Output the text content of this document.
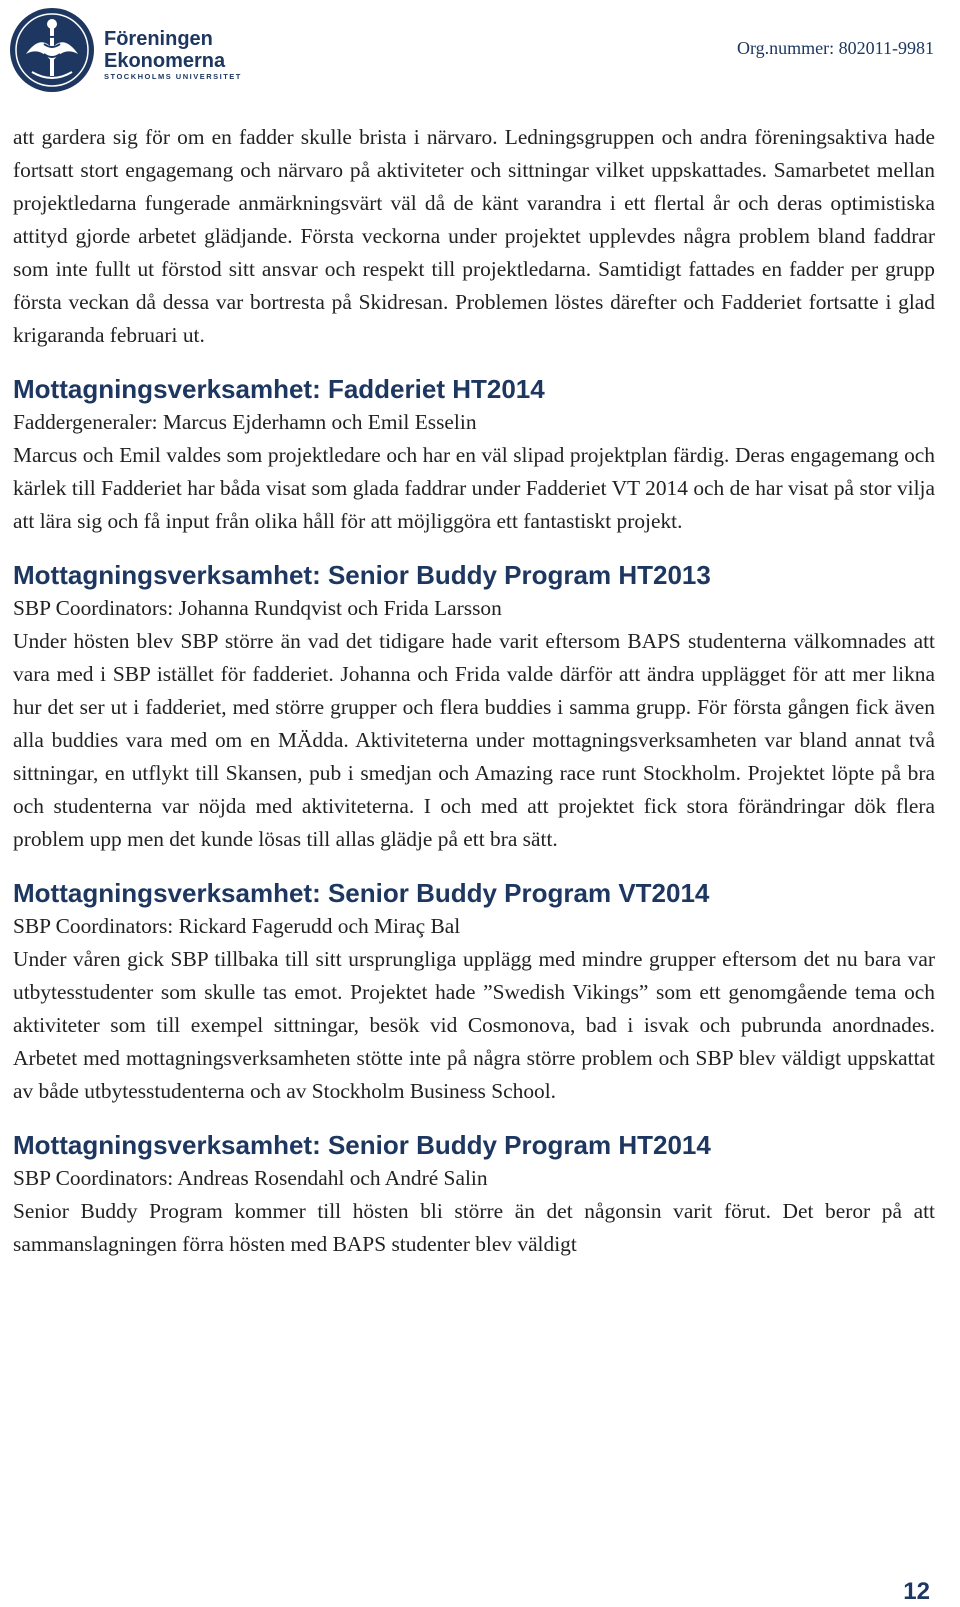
Föreningen
Ekonomerna
STOCKHOLMS UNIVERSITET
Org.nummer: 802011-9981

att gardera sig för om en fadder skulle brista i närvaro. Ledningsgruppen och andra föreningsaktiva hade fortsatt stort engagemang och närvaro på aktiviteter och sittningar vilket uppskattades. Samarbetet mellan projektledarna fungerade anmärkningsvärt väl då de känt varandra i ett flertal år och deras optimistiska attityd gjorde arbetet glädjande. Första veckorna under projektet upplevdes några problem bland faddrar som inte fullt ut förstod sitt ansvar och respekt till projektledarna. Samtidigt fattades en fadder per grupp första veckan då dessa var bortresta på Skidresan. Problemen löstes därefter och Fadderiet fortsatte i glad krigaranda februari ut.

Mottagningsverksamhet: Fadderiet HT2014

Faddergeneraler: Marcus Ejderhamn och Emil Esselin

Marcus och Emil valdes som projektledare och har en väl slipad projektplan färdig. Deras engagemang och kärlek till Fadderiet har båda visat som glada faddrar under Fadderiet VT 2014 och de har visat på stor vilja att lära sig och få input från olika håll för att möjliggöra ett fantastiskt projekt.

Mottagningsverksamhet: Senior Buddy Program HT2013

SBP Coordinators: Johanna Rundqvist och Frida Larsson

Under hösten blev SBP större än vad det tidigare hade varit eftersom BAPS studenterna välkomnades att vara med i SBP istället för fadderiet. Johanna och Frida valde därför att ändra upplägget för att mer likna hur det ser ut i fadderiet, med större grupper och flera buddies i samma grupp. För första gången fick även alla buddies vara med om en MÄdda. Aktiviteterna under mottagningsverksamheten var bland annat två sittningar, en utflykt till Skansen, pub i smedjan och Amazing race runt Stockholm. Projektet löpte på bra och studenterna var nöjda med aktiviteterna. I och med att projektet fick stora förändringar dök flera problem upp men det kunde lösas till allas glädje på ett bra sätt.

Mottagningsverksamhet: Senior Buddy Program VT2014

SBP Coordinators: Rickard Fagerudd och Miraç Bal

Under våren gick SBP tillbaka till sitt ursprungliga upplägg med mindre grupper eftersom det nu bara var utbytesstudenter som skulle tas emot. Projektet hade ”Swedish Vikings” som ett genomgående tema och aktiviteter som till exempel sittningar, besök vid Cosmonova, bad i isvak och pubrunda anordnades. Arbetet med mottagningsverksamheten stötte inte på några större problem och SBP blev väldigt uppskattat av både utbytesstudenterna och av Stockholm Business School.

Mottagningsverksamhet: Senior Buddy Program HT2014

SBP Coordinators: Andreas Rosendahl och André Salin

Senior Buddy Program kommer till hösten bli större än det någonsin varit förut. Det beror på att sammanslagningen förra hösten med BAPS studenter blev väldigt

12
